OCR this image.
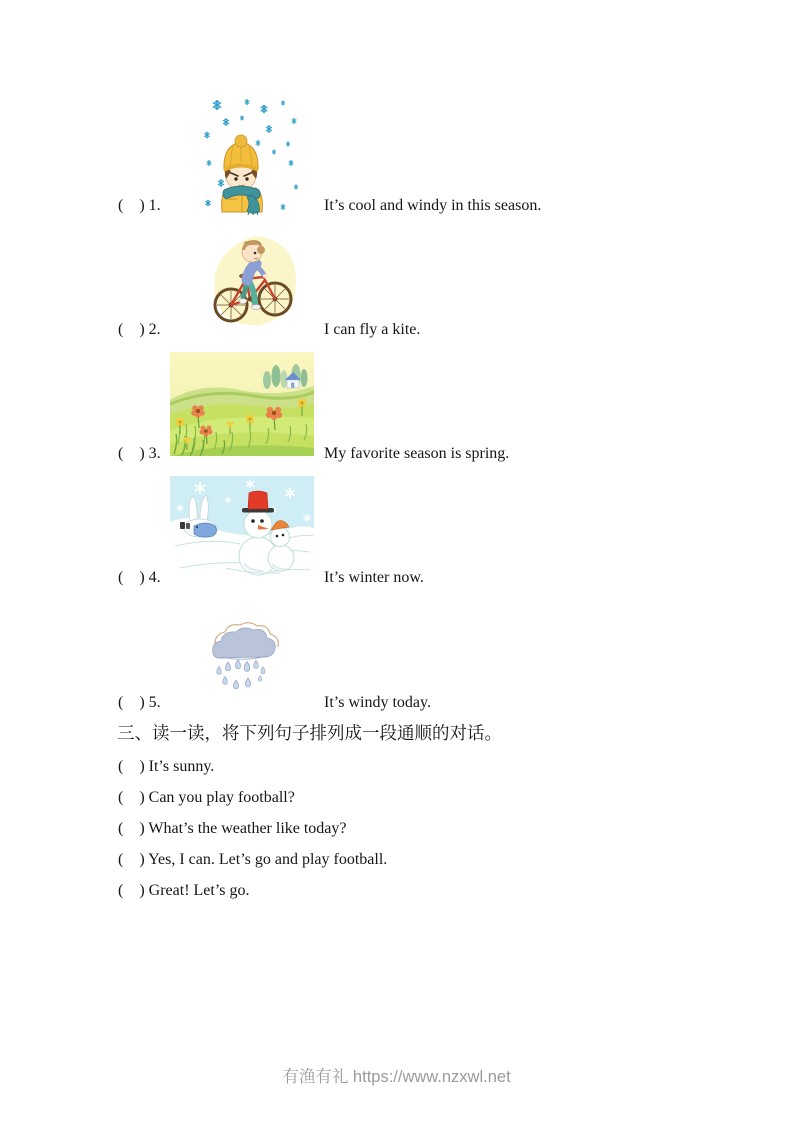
(　) 1.	It’s cool and windy in this season.
(　) 2.	I can fly a kite.
(　) 3.	My favorite season is spring.
(　) 4.	It’s winter now.
(　) 5.	It’s windy today.
三、读一读，将下列句子排列成一段通顺的对话。
(　) It’s sunny.
(　) Can you play football?
(　) What’s the weather like today?
(　) Yes, I can. Let’s go and play football.
(　) Great! Let’s go.
有渔有礼 https://www.nzxwl.net
